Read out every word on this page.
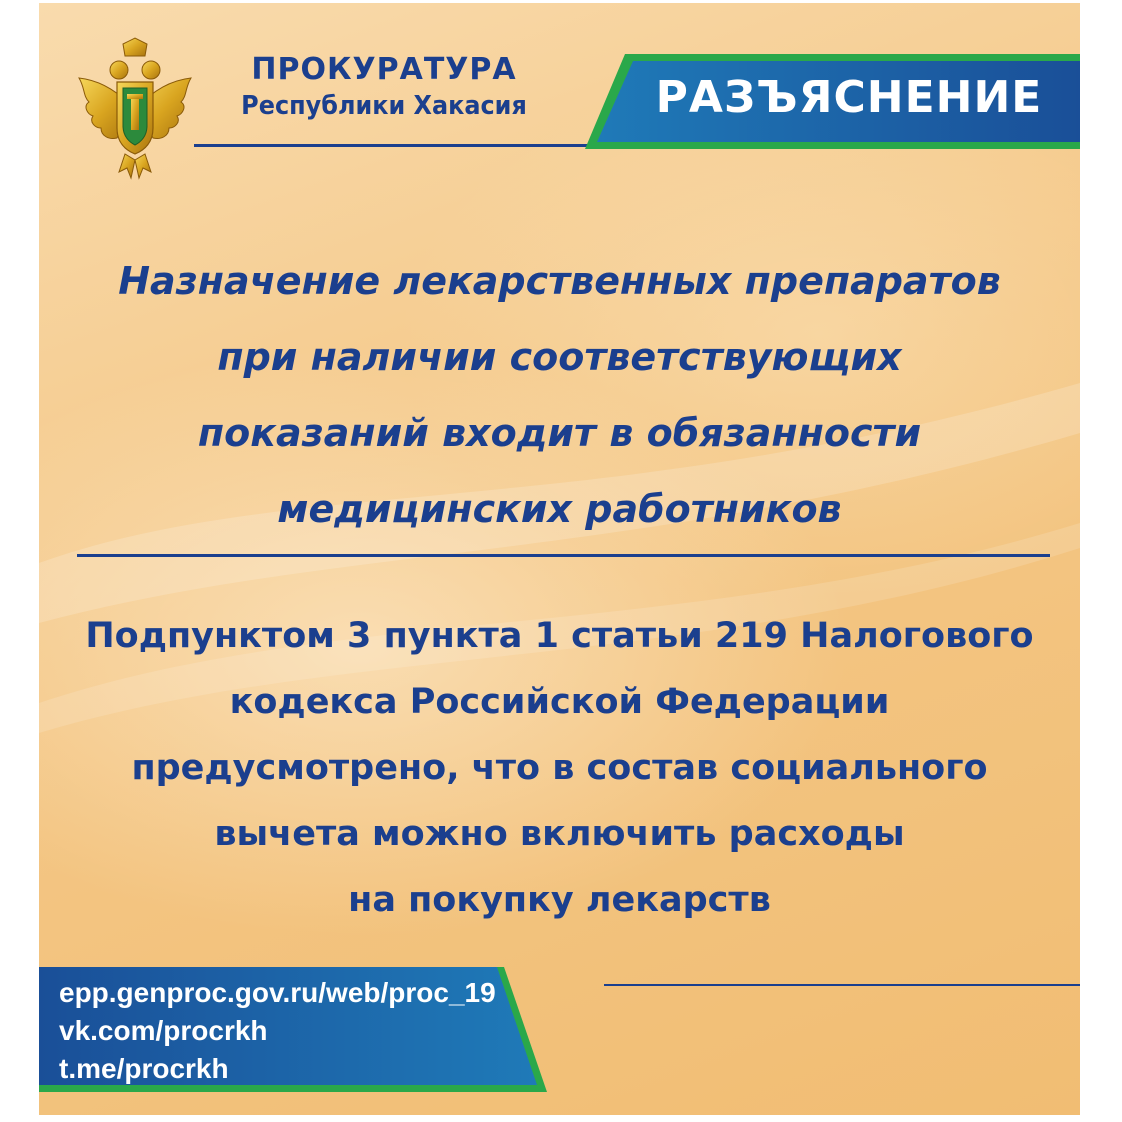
ПРОКУРАТУРА
Республики Хакасия	РАЗЪЯСНЕНИЕ

Назначение лекарственных препаратов
при наличии соответствующих
показаний входит в обязанности
медицинских работников

Подпунктом 3 пункта 1 статьи 219 Налогового
кодекса Российской Федерации
предусмотрено, что в состав социального
вычета можно включить расходы
на покупку лекарств

epp.genproc.gov.ru/web/proc_19
vk.com/procrkh
t.me/procrkh
